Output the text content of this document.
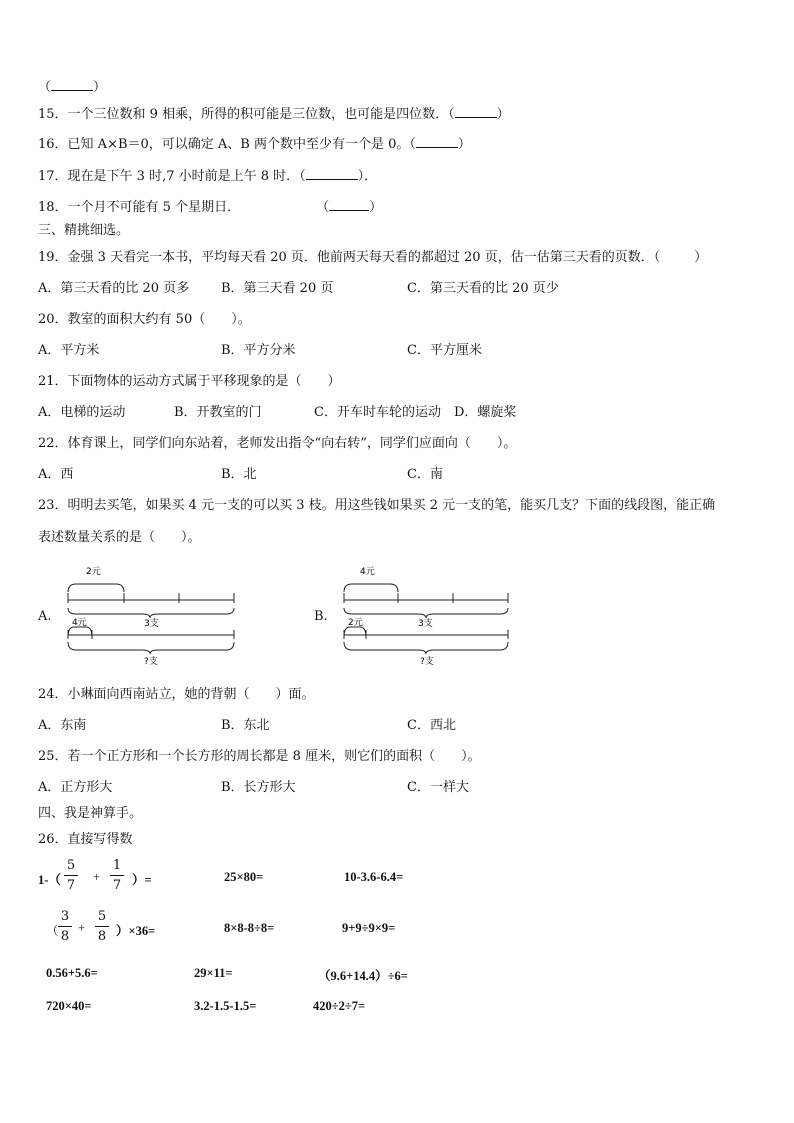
（	）
15．一个三位数和 9 相乘，所得的积可能是三位数，也可能是四位数．（	）
16．已知 A×B＝0，可以确定 A、B 两个数中至少有一个是 0。（	）
17．现在是下午 3 时,7 小时前是上午 8 时．（	）．
18．一个月不可能有 5 个星期日．	（	）
三、精挑细选。
19．金强 3 天看完一本书，平均每天看 20 页．他前两天每天看的都超过 20 页，估一估第三天看的页数．（	）
A．第三天看的比 20 页多 B．第三天看 20 页	C．第三天看的比 20 页少
20．教室的面积大约有 50（　　）。
A．平方米	B．平方分米	C．平方厘米
21．下面物体的运动方式属于平移现象的是（　　）
A．电梯的运动	B．开教室的门	C．开车时车轮的运动 D．螺旋桨
22．体育课上，同学们向东站着，老师发出指令“向右转”，同学们应面向（　　）。
A．西	B．北	C．南
23．明明去买笔，如果买 4 元一支的可以买 3 枝。用这些钱如果买 2 元一支的笔，能买几支？下面的线段图，能正确
表述数量关系的是（　　）。
A.
2元
3支
4元
?支
B.
4元
3支
2元
?支
24．小琳面向西南站立，她的背朝（　　）面。
A．东南	B．东北	C．西北
25．若一个正方形和一个长方形的周长都是 8 厘米，则它们的面积（　　）。
A．正方形大	B．长方形大	C．一样大
四、我是神算手。
26．直接写得数
1-（
5
7
+
1
7 ）=	25×80=	10-3.6-6.4=
（
3
8
+
5
8 ）×36=	8×8-8÷8=	9+9÷9×9=
0.56+5.6=	29×11=	（9.6+14.4）÷6=
720×40=	3.2-1.5-1.5=	420÷2÷7=
